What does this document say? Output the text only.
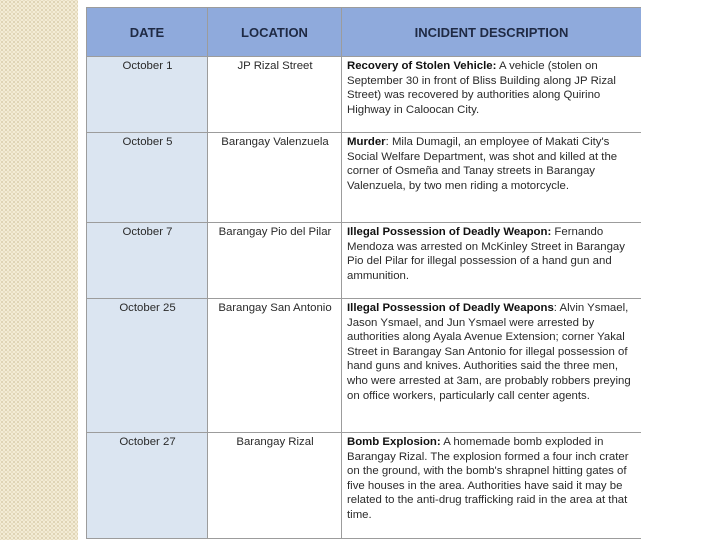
DATE	LOCATION	INCIDENT DESCRIPTION
October 1	JP Rizal Street	Recovery of Stolen Vehicle: A vehicle (stolen on September 30 in front of Bliss Building along JP Rizal Street) was recovered by authorities along Quirino Highway in Caloocan City.
October 5	Barangay Valenzuela	Murder: Mila Dumagil, an employee of Makati City's Social Welfare Department, was shot and killed at the corner of Osmeña and Tanay streets in Barangay Valenzuela, by two men riding a motorcycle.
October 7	Barangay Pio del Pilar	Illegal Possession of Deadly Weapon: Fernando Mendoza was arrested on McKinley Street in Barangay Pio del Pilar for illegal possession of a hand gun and ammunition.
October 25	Barangay San Antonio	Illegal Possession of Deadly Weapons: Alvin Ysmael, Jason Ysmael, and Jun Ysmael were arrested by authorities along Ayala Avenue Extension; corner Yakal Street in Barangay San Antonio for illegal possession of hand guns and knives. Authorities said the three men, who were arrested at 3am, are probably robbers preying on office workers, particularly call center agents.
October 27	Barangay Rizal	Bomb Explosion: A homemade bomb exploded in Barangay Rizal. The explosion formed a four inch crater on the ground, with the bomb's shrapnel hitting gates of five houses in the area. Authorities have said it may be related to the anti-drug trafficking raid in the area at that time.
